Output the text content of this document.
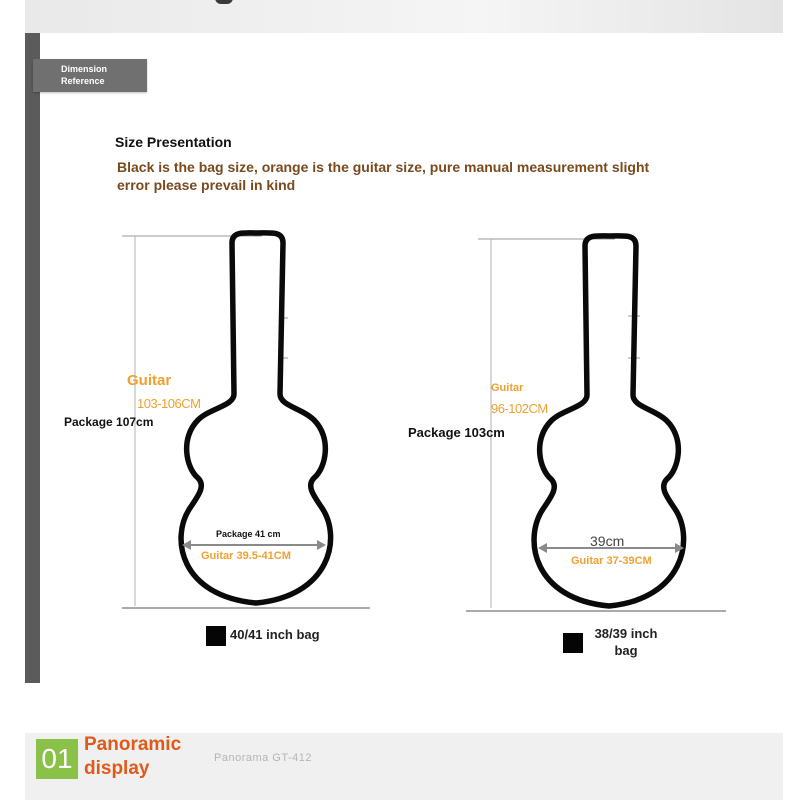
Dimension Reference
Size Presentation
Black is the bag size, orange is the guitar size, pure manual measurement slight error please prevail in kind
Guitar
103-106CM
Package 107cm
Package 41 cm
Guitar 39.5-41CM
40/41 inch bag
Guitar
96-102CM
Package 103cm
39cm
Guitar 37-39CM
38/39 inch bag
01 Panoramic display	Panorama GT-412
